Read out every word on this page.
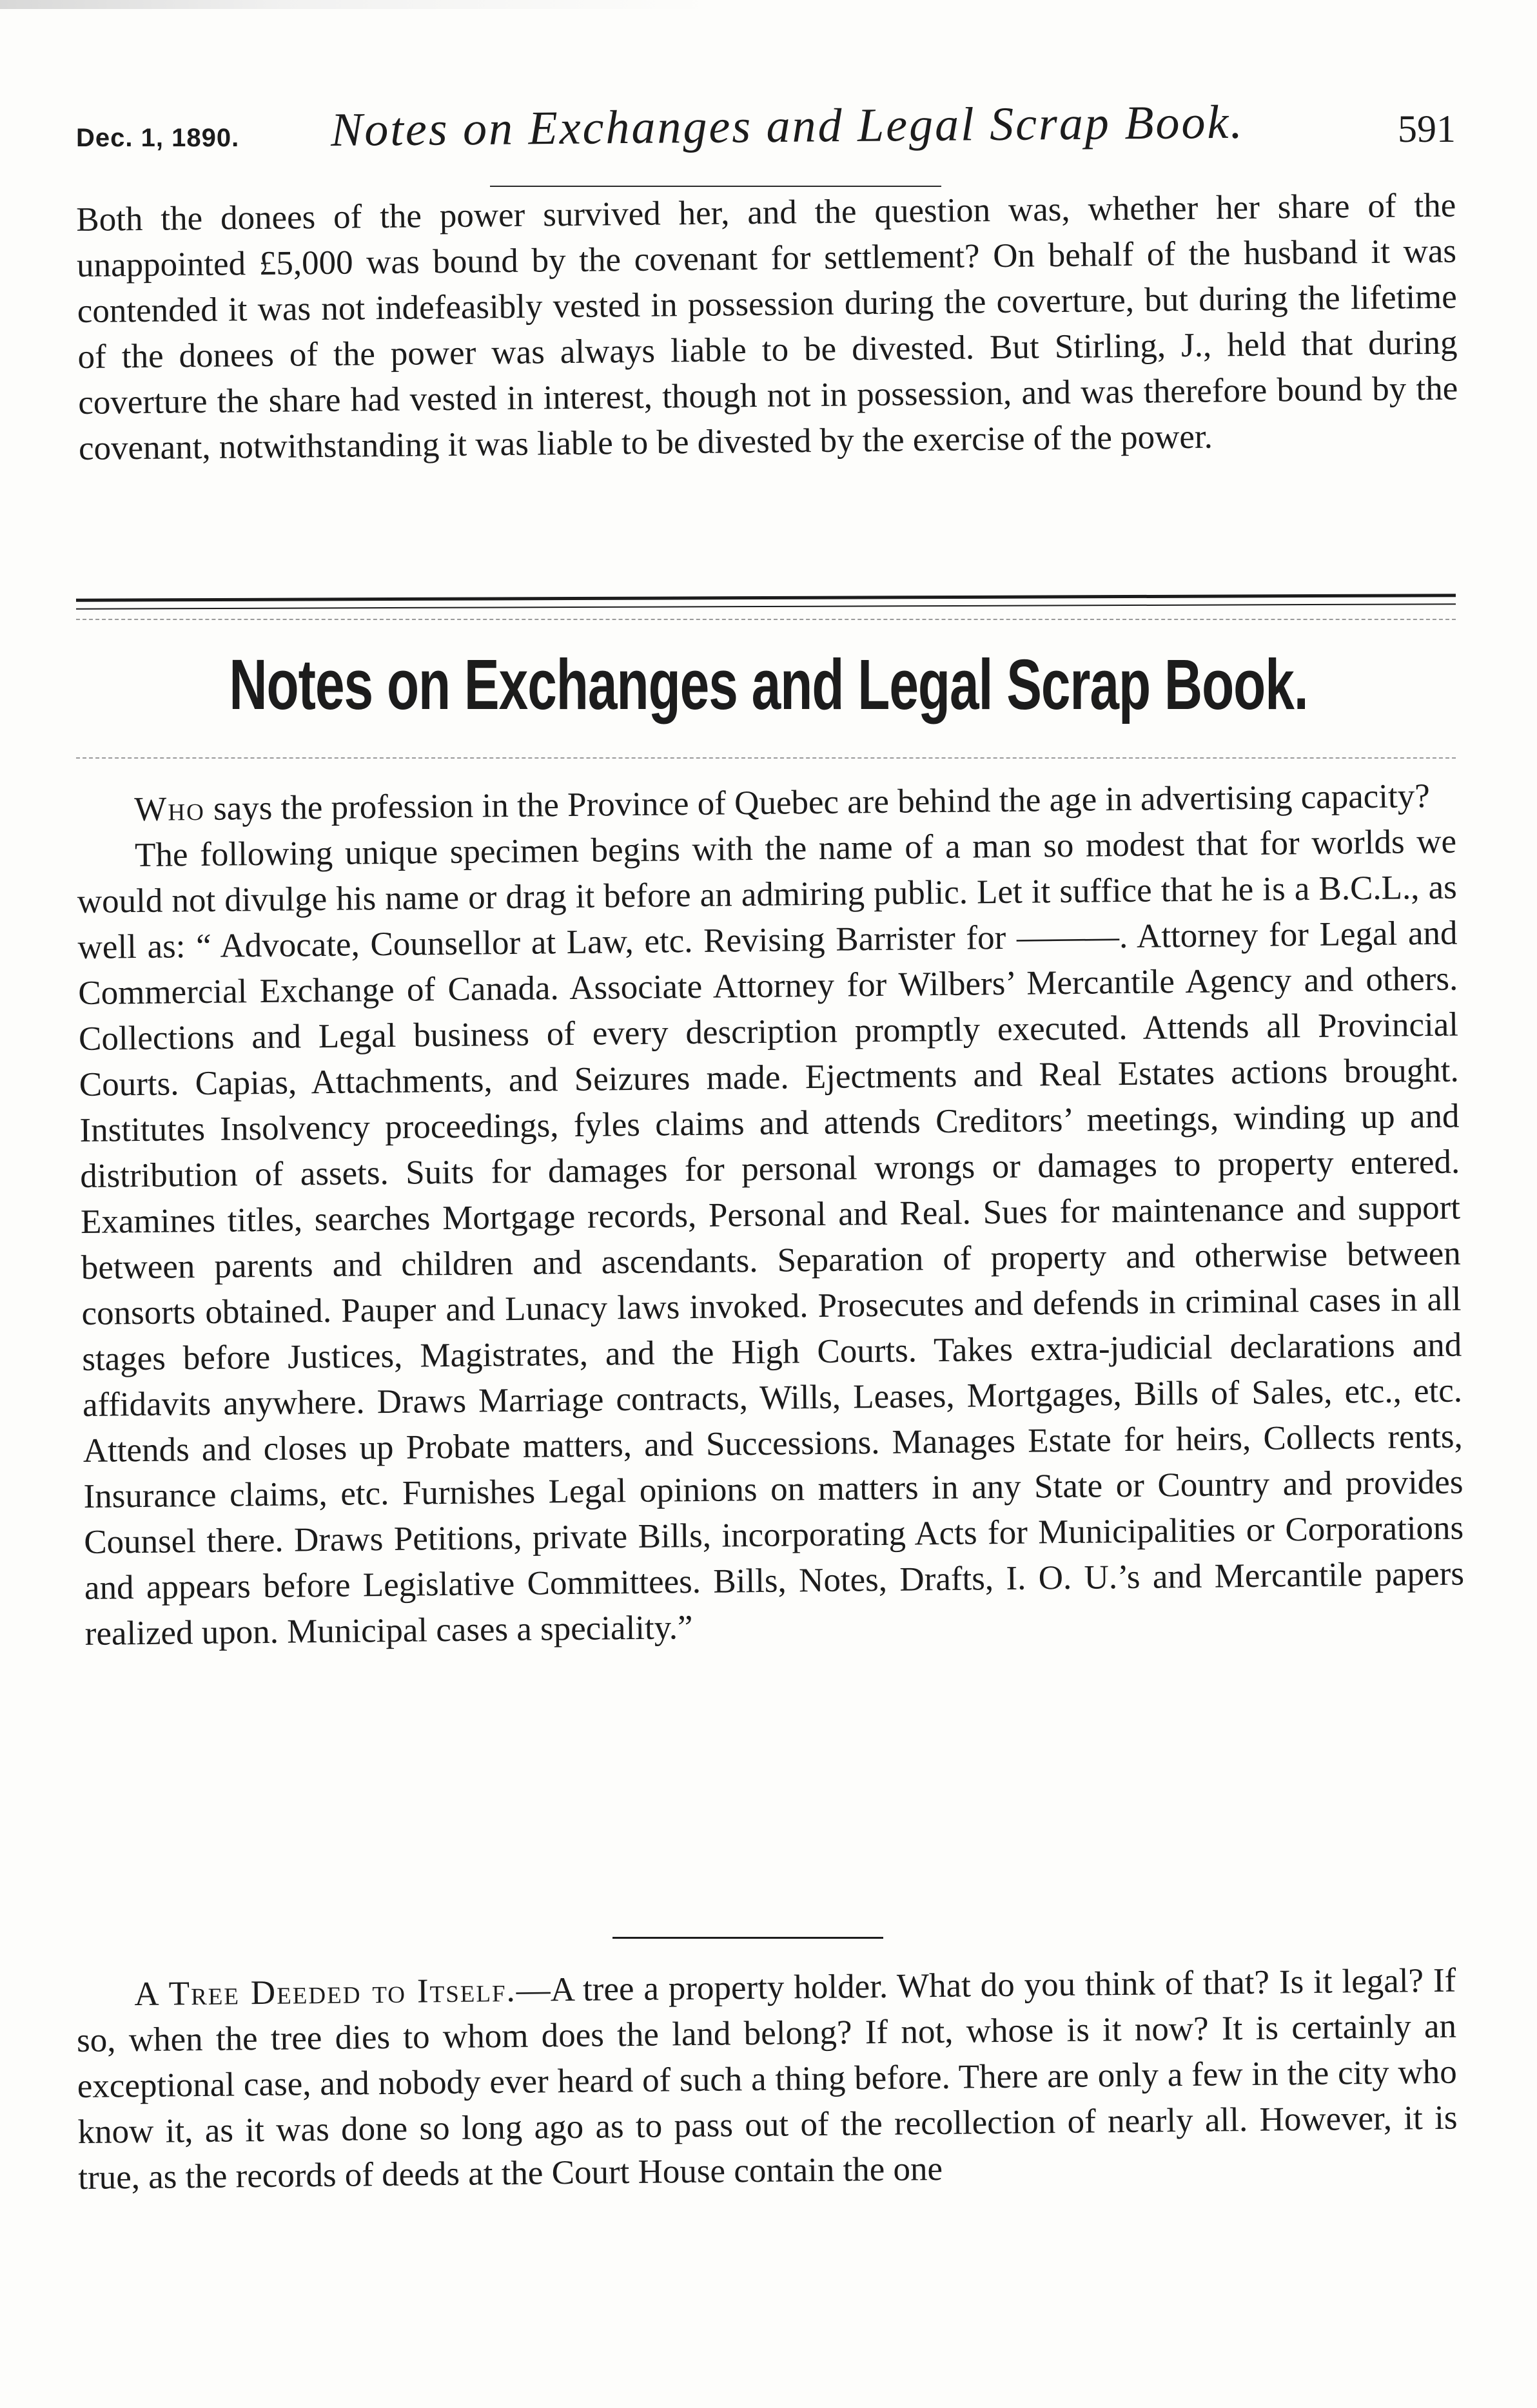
Dec. 1, 1890. Notes on Exchanges and Legal Scrap Book.	591
Both the donees of the power survived her, and the question was, whether her share of the unappointed £5,000 was bound by the covenant for settlement? On behalf of the husband it was contended it was not indefeasibly vested in possession during the coverture, but during the lifetime of the donees of the power was always liable to be divested. But Stirling, J., held that during coverture the share had vested in interest, though not in possession, and was therefore bound by the covenant, notwithstanding it was liable to be divested by the exercise of the power.
Notes on Exchanges and Legal Scrap Book.
Who says the profession in the Province of Quebec are behind the age in advertising capacity?
The following unique specimen begins with the name of a man so modest that for worlds we would not divulge his name or drag it before an admiring public. Let it suffice that he is a B.C.L., as well as: “ Advocate, Counsellor at Law, etc. Revising Barrister for ———. Attorney for Legal and Commercial Exchange of Canada. Associate Attorney for Wilbers’ Mercantile Agency and others. Collections and Legal business of every description promptly executed. Attends all Provincial Courts. Capias, Attachments, and Seizures made. Ejectments and Real Estates actions brought. Institutes Insolvency proceedings, fyles claims and attends Creditors’ meetings, winding up and distribution of assets. Suits for damages for personal wrongs or damages to property entered. Examines titles, searches Mortgage records, Personal and Real. Sues for maintenance and support between parents and children and ascendants. Separation of property and otherwise between consorts obtained. Pauper and Lunacy laws invoked. Prosecutes and defends in criminal cases in all stages before Justices, Magistrates, and the High Courts. Takes extra-judicial declarations and affidavits anywhere. Draws Marriage contracts, Wills, Leases, Mortgages, Bills of Sales, etc., etc. Attends and closes up Probate matters, and Successions. Manages Estate for heirs, Collects rents, Insurance claims, etc. Furnishes Legal opinions on matters in any State or Country and provides Counsel there. Draws Petitions, private Bills, incorporating Acts for Municipalities or Corporations and appears before Legislative Committees. Bills, Notes, Drafts, I. O. U.’s and Mercantile papers realized upon. Municipal cases a speciality.”
A Tree Deeded to Itself.—A tree a property holder. What do you think of that? Is it legal? If so, when the tree dies to whom does the land belong? If not, whose is it now? It is certainly an exceptional case, and nobody ever heard of such a thing before. There are only a few in the city who know it, as it was done so long ago as to pass out of the recollection of nearly all. However, it is true, as the records of deeds at the Court House contain the one
